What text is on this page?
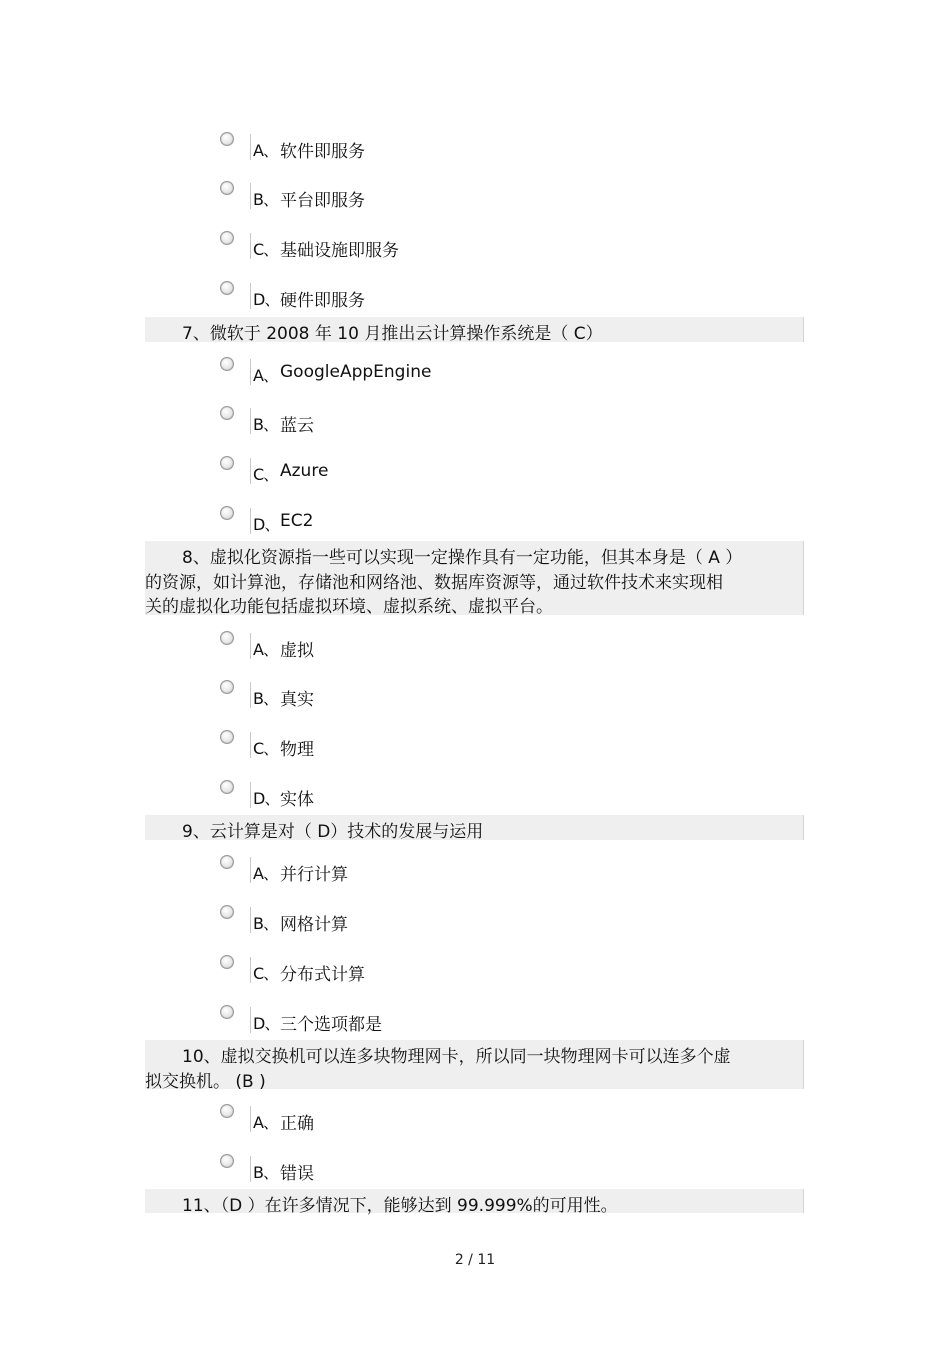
A、 软件即服务
B、 平台即服务
C、 基础设施即服务
D、 硬件即服务
7、微软于 2008 年 10 月推出云计算操作系统是（ C）
A、 GoogleAppEngine
B、 蓝云
C、 Azure
D、 EC2
8、虚拟化资源指一些可以实现一定操作具有一定功能，但其本身是（ A ）
的资源，如计算池，存储池和网络池、数据库资源等，通过软件技术来实现相
关的虚拟化功能包括虚拟环境、虚拟系统、虚拟平台。
A、 虚拟
B、 真实
C、 物理
D、 实体
9、云计算是对（ D）技术的发展与运用
A、 并行计算
B、 网格计算
C、 分布式计算
D、 三个选项都是
10、虚拟交换机可以连多块物理网卡，所以同一块物理网卡可以连多个虚
拟交换机。 (B )
A、 正确
B、 错误
11、（D ）在许多情况下，能够达到 99.999%的可用性。
2 / 11
